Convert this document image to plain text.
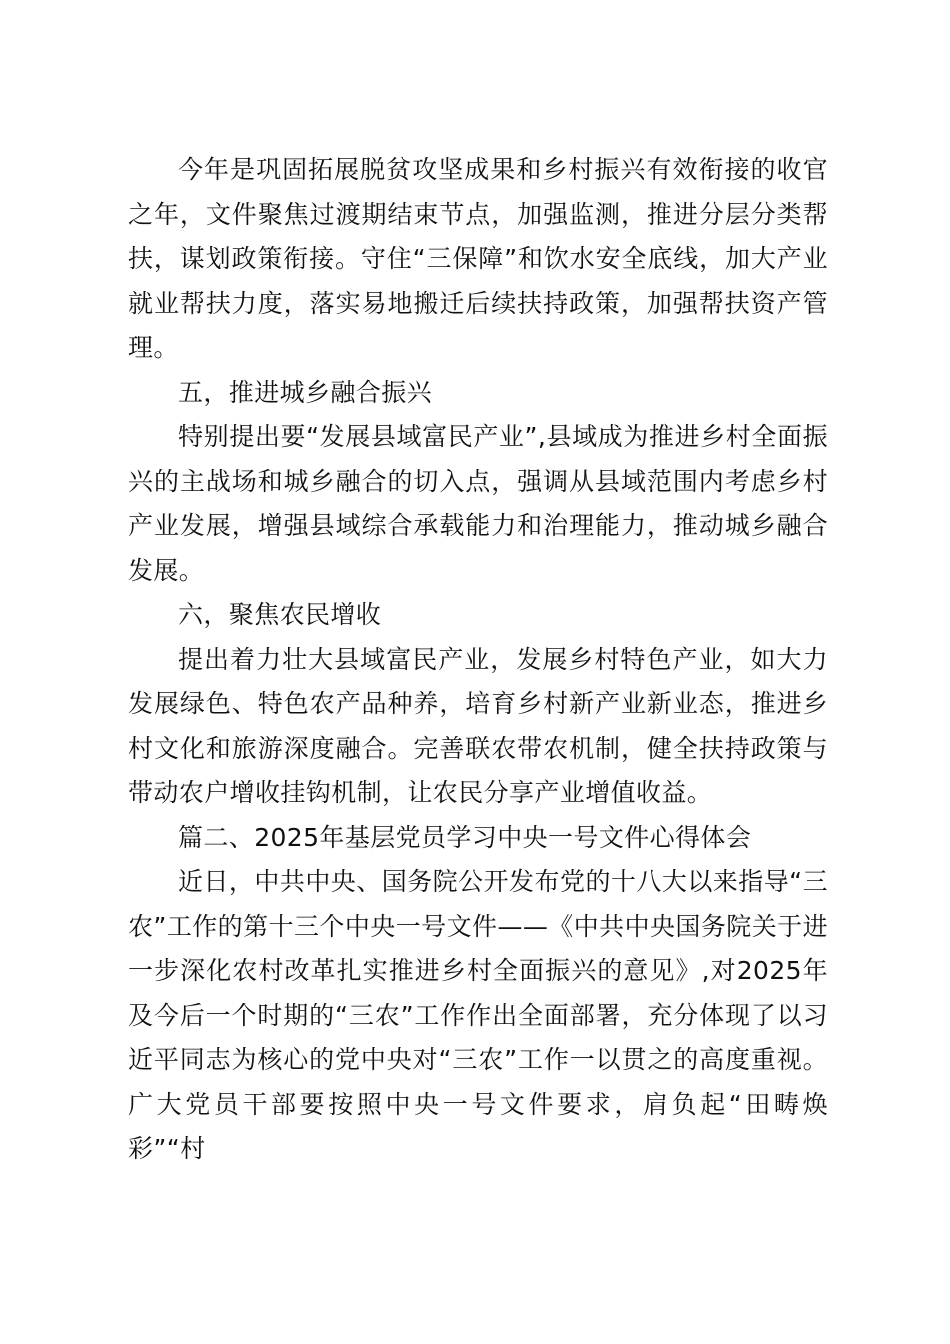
今年是巩固拓展脱贫攻坚成果和乡村振兴有效衔接的收官之年，文件聚焦过渡期结束节点，加强监测，推进分层分类帮扶，谋划政策衔接。守住“三保障”和饮水安全底线，加大产业就业帮扶力度，落实易地搬迁后续扶持政策，加强帮扶资产管理。

五，推进城乡融合振兴

特别提出要“发展县域富民产业”,县域成为推进乡村全面振兴的主战场和城乡融合的切入点，强调从县域范围内考虑乡村产业发展，增强县域综合承载能力和治理能力，推动城乡融合发展。

六，聚焦农民增收

提出着力壮大县域富民产业，发展乡村特色产业，如大力发展绿色、特色农产品种养，培育乡村新产业新业态，推进乡村文化和旅游深度融合。完善联农带农机制，健全扶持政策与带动农户增收挂钩机制，让农民分享产业增值收益。

篇二、2025年基层党员学习中央一号文件心得体会

近日，中共中央、国务院公开发布党的十八大以来指导“三农”工作的第十三个中央一号文件——《中共中央国务院关于进一步深化农村改革扎实推进乡村全面振兴的意见》,对2025年及今后一个时期的“三农”工作作出全面部署，充分体现了以习近平同志为核心的党中央对“三农”工作一以贯之的高度重视。广大党员干部要按照中央一号文件要求，肩负起“田畴焕彩”“村
